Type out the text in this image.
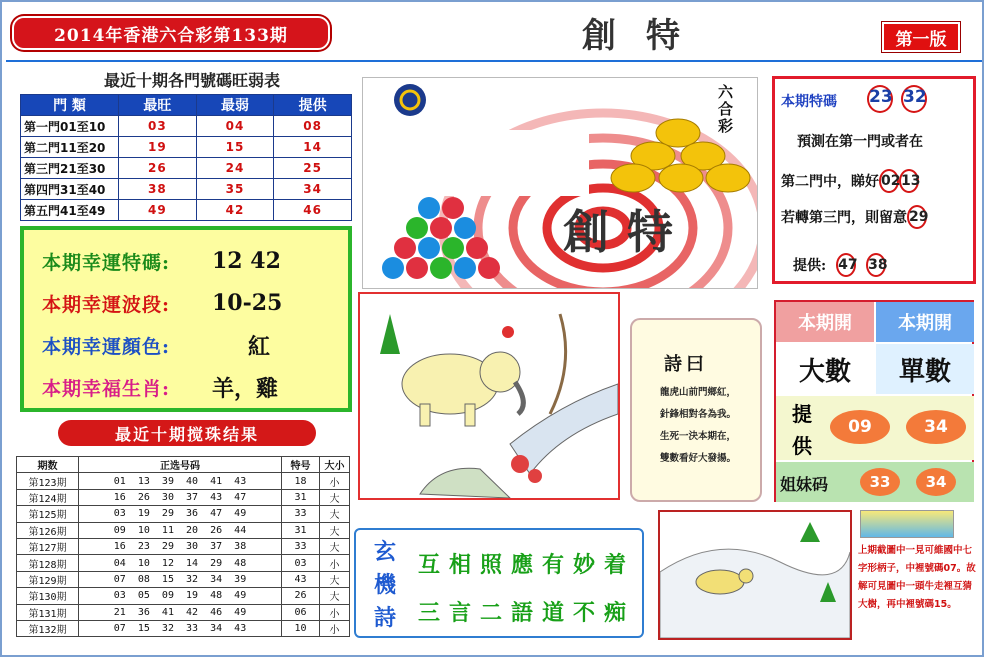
2014年香港六合彩第133期	創特	第一版
最近十期各門號碼旺弱表
門 類	最旺	最弱	提供
第一門01至10	03	04	08
第二門11至20	19	15	14
第三門21至30	26	24	25
第四門31至40	38	35	34
第五門41至49	49	42	46
本期幸運特碼:	12 42
本期幸運波段:	10-25
本期幸運顏色:	紅
本期幸福生肖:	羊，雞
最近十期搅珠结果
期数	正选号码	特号	大小
第123期	01  13  39  40  41  43	18	小
第124期	16  26  30  37  43  47	31	大
第125期	03  19  29  36  47  49	33	大
第126期	09  10  11  20  26  44	31	大
第127期	16  23  29  30  37  38	33	大
第128期	04  10  12  14  29  48	03	小
第129期	07  08  15  32  34  39	43	大
第130期	03  05  09  19  48  49	26	大
第131期	21  36  41  42  46  49	06	小
第132期	07  15  32  33  34  43	10	小
創特
六合彩
本期特碼 23 32
預測在第一門或者在
第二門中，睇好 02 13
若轉第三門，則留意 29
提供: 47 38
詩曰
龍虎山前門鄉紅，
針鋒相對各為我。
生死一決本期在，
雙數看好大發揚。
本期開	本期開
大數	單數
提供
09	34
姐妹码	33	34
互相照應有妙着
三言二語道不痴
玄機詩
上期截圖中一見可維國中七字形柄子，中裡號碼07。故解可見圖中一頭牛走裡互猜大樹，再中裡號碼15。
